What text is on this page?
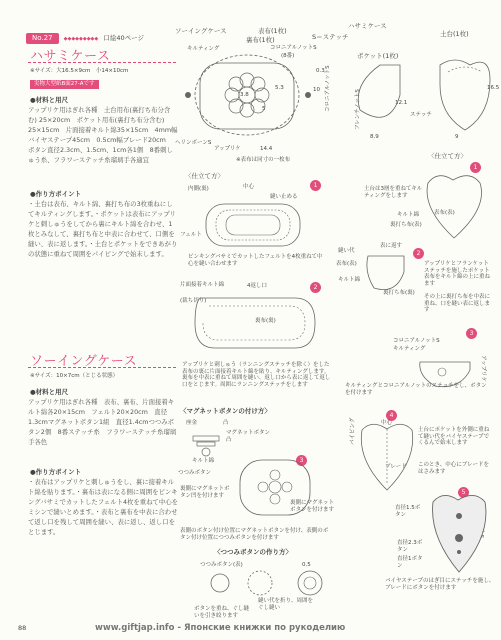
No.27 ◆◆◆◆◆◆◆◆◆ 口絵40ページ
ハサミケース
※サイズ：大16.5×9cm　小14×10cm
実物大型紙B面27-Aです
●材料と用尺
アップリケ用はぎれ各種　土台用布(裏打ち布分含む) 25×20cm　ポケット用布(裏打ち布分含む) 25×15cm　片面接着キルト綿35×15cm　4mm幅バイヤステープ45cm　0.5cm幅ブレード20cm　ボタン直径2.3cm、1.5cm、1cm各1個　8番刺しゅう糸、フラワーステッチ糸瑠璃手各適宜
●作り方ポイント
・土台は表布、キルト綿、裏打ち布の3枚重ねにしてキルティングします。・ポケットは表布にアップリケと刺しゅうをしてから裏にキルト綿を合わせ、1枚とみなして、裏打ち布と中表に合わせて、口側を縫い、表に返します。・土台とポケットをできあがりの状態に重ねて周囲をパイピングで始末します。
ソーイングケース
※サイズ：10×7cm（とじる状態）
●材料と用尺
アップリケ用はぎれ各種　表布、裏布、片面接着キルト綿各20×15cm　フェルト20×20cm　直径1.3cmマグネットボタン1組　直径1.4cmつつみボタン2個　8番ステッチ糸　フラワーステッチ糸瑠璃手各色
●作り方ポイント
・表布はアップリケと刺しゅうをし、裏に接着キルト綿を貼ります。・裏布は表になる側に周囲をピンキングバサミでカットしたフェルト4枚を重ねて中心をミシンで縫いとめます。・表布と裏布を中表に合わせて返し口を残して周囲を縫い、表に返し、返し口をとじます。
ソーイングケース
裏布(1枚)
表布(1枚)
S＝ステッチ
キルティング	コロニアルノットS
(8番)
0.3
10
3.8
5.3
5
ヘリンボーンS
アップリケ	14.4
※表布は同寸の一枚布
ハサミケース
ポケット(1枚)
土台(1枚)
コロニアルノットS	フレンチノットS	ステッチ
12.1
16.5
8.9	9
〈仕立て方〉
1
内側(裏)	中心
縫い止める
フェルト
ピンキングバサミでカットしたフェルトを4枚重ねて中心を縫い合わせます
2
片面接着キルト綿	4返し口
(裁ち切り)
裏布(裏)
アップリケと刺しゅう（ランニングステッチを除く）をした表布の裏に片面接着キルト綿を貼り、キルティングします。裏布を中表に重ねて周囲を縫い、返し口から表に返して返し口をとじます。周囲にランニングステッチをします
〈マグネットボタンの付け方〉
凸
座金
マグネットボタン凸
キルト綿
つつみボタン
3
裏側にマグネットボタン凹を付けます
裏側にマグネットボタンを付けます
表側のボタン付け位置にマグネットボタンを付け、表側のボタン付け位置につつみボタンを付けます
〈つつみボタンの作り方〉
つつみボタン(表)
縫い代を折り、周囲をぐし縫い
ボタンを重ね、ぐし縫いを引き絞ります
0.5
〈仕立て方〉
1
土台は3層を重ねてキルティングをします
キルト綿	表布(表)
裏打ち布(表)
2
表布(表)
縫い代
表に返す
キルト綿
裏打ち布(裏)
アップリケとフランケットステッチを施したポケット表布をキルト綿の上に重ねます
その上に裏打ち布を中表に重ね、口を縫い表に返します
3
コロニアルノットS
キルティング
アップリケ
キルティングとコロニアルノットのステッチをし、ボタンを付けます
4
パイピング
ブレード
中心
土台にポケットを外側に重ねて縫い代をバイヤステープでくるんで始末します
このとき、中心にブレードをはさみます
5
直径1.5ボタン
直径2.3ボタン
直径1ボタン
バイヤステープのはぎ目にステッチを施し、ブレードにボタンを付けます
88	www.giftjap.info - Японские книжки по рукоделию
